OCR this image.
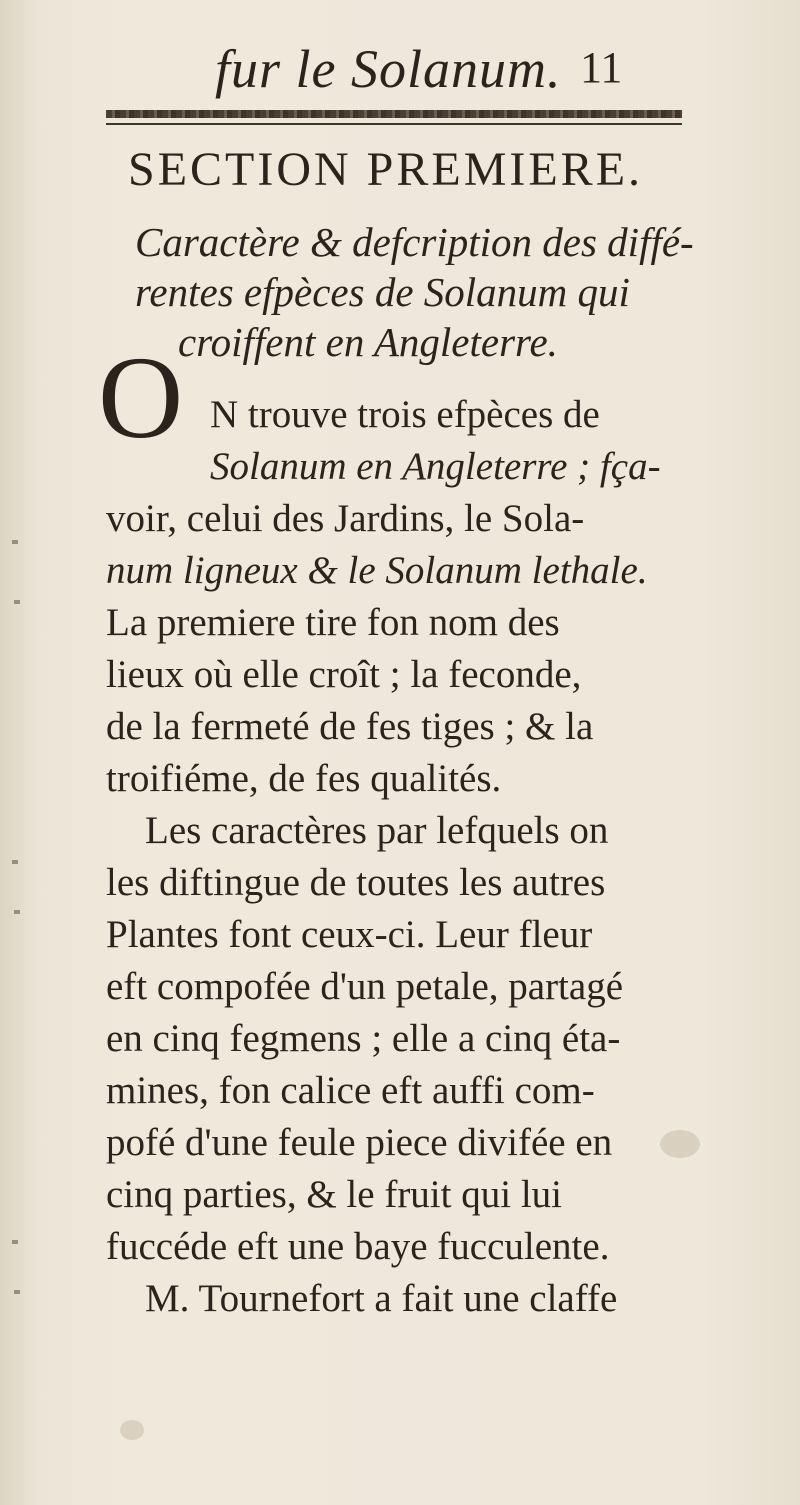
fur le Solanum. 11
SECTION PREMIERE.
Caractère & defcription des diffé-
rentes efpèces de Solanum qui
croiffent en Angleterre.
O N trouve trois efpèces de
Solanum en Angleterre ; fça-
voir, celui des Jardins, le Sola-
num ligneux & le Solanum lethale.
La premiere tire fon nom des
lieux où elle croît ; la feconde,
de la fermeté de fes tiges ; & la
troifiéme, de fes qualités.
Les caractères par lefquels on
les diftingue de toutes les autres
Plantes font ceux-ci. Leur fleur
eft compofée d'un petale, partagé
en cinq fegmens ; elle a cinq éta-
mines, fon calice eft auffi com-
pofé d'une feule piece divifée en
cinq parties, & le fruit qui lui
fuccéde eft une baye fucculente.
M. Tournefort a fait une claffe
